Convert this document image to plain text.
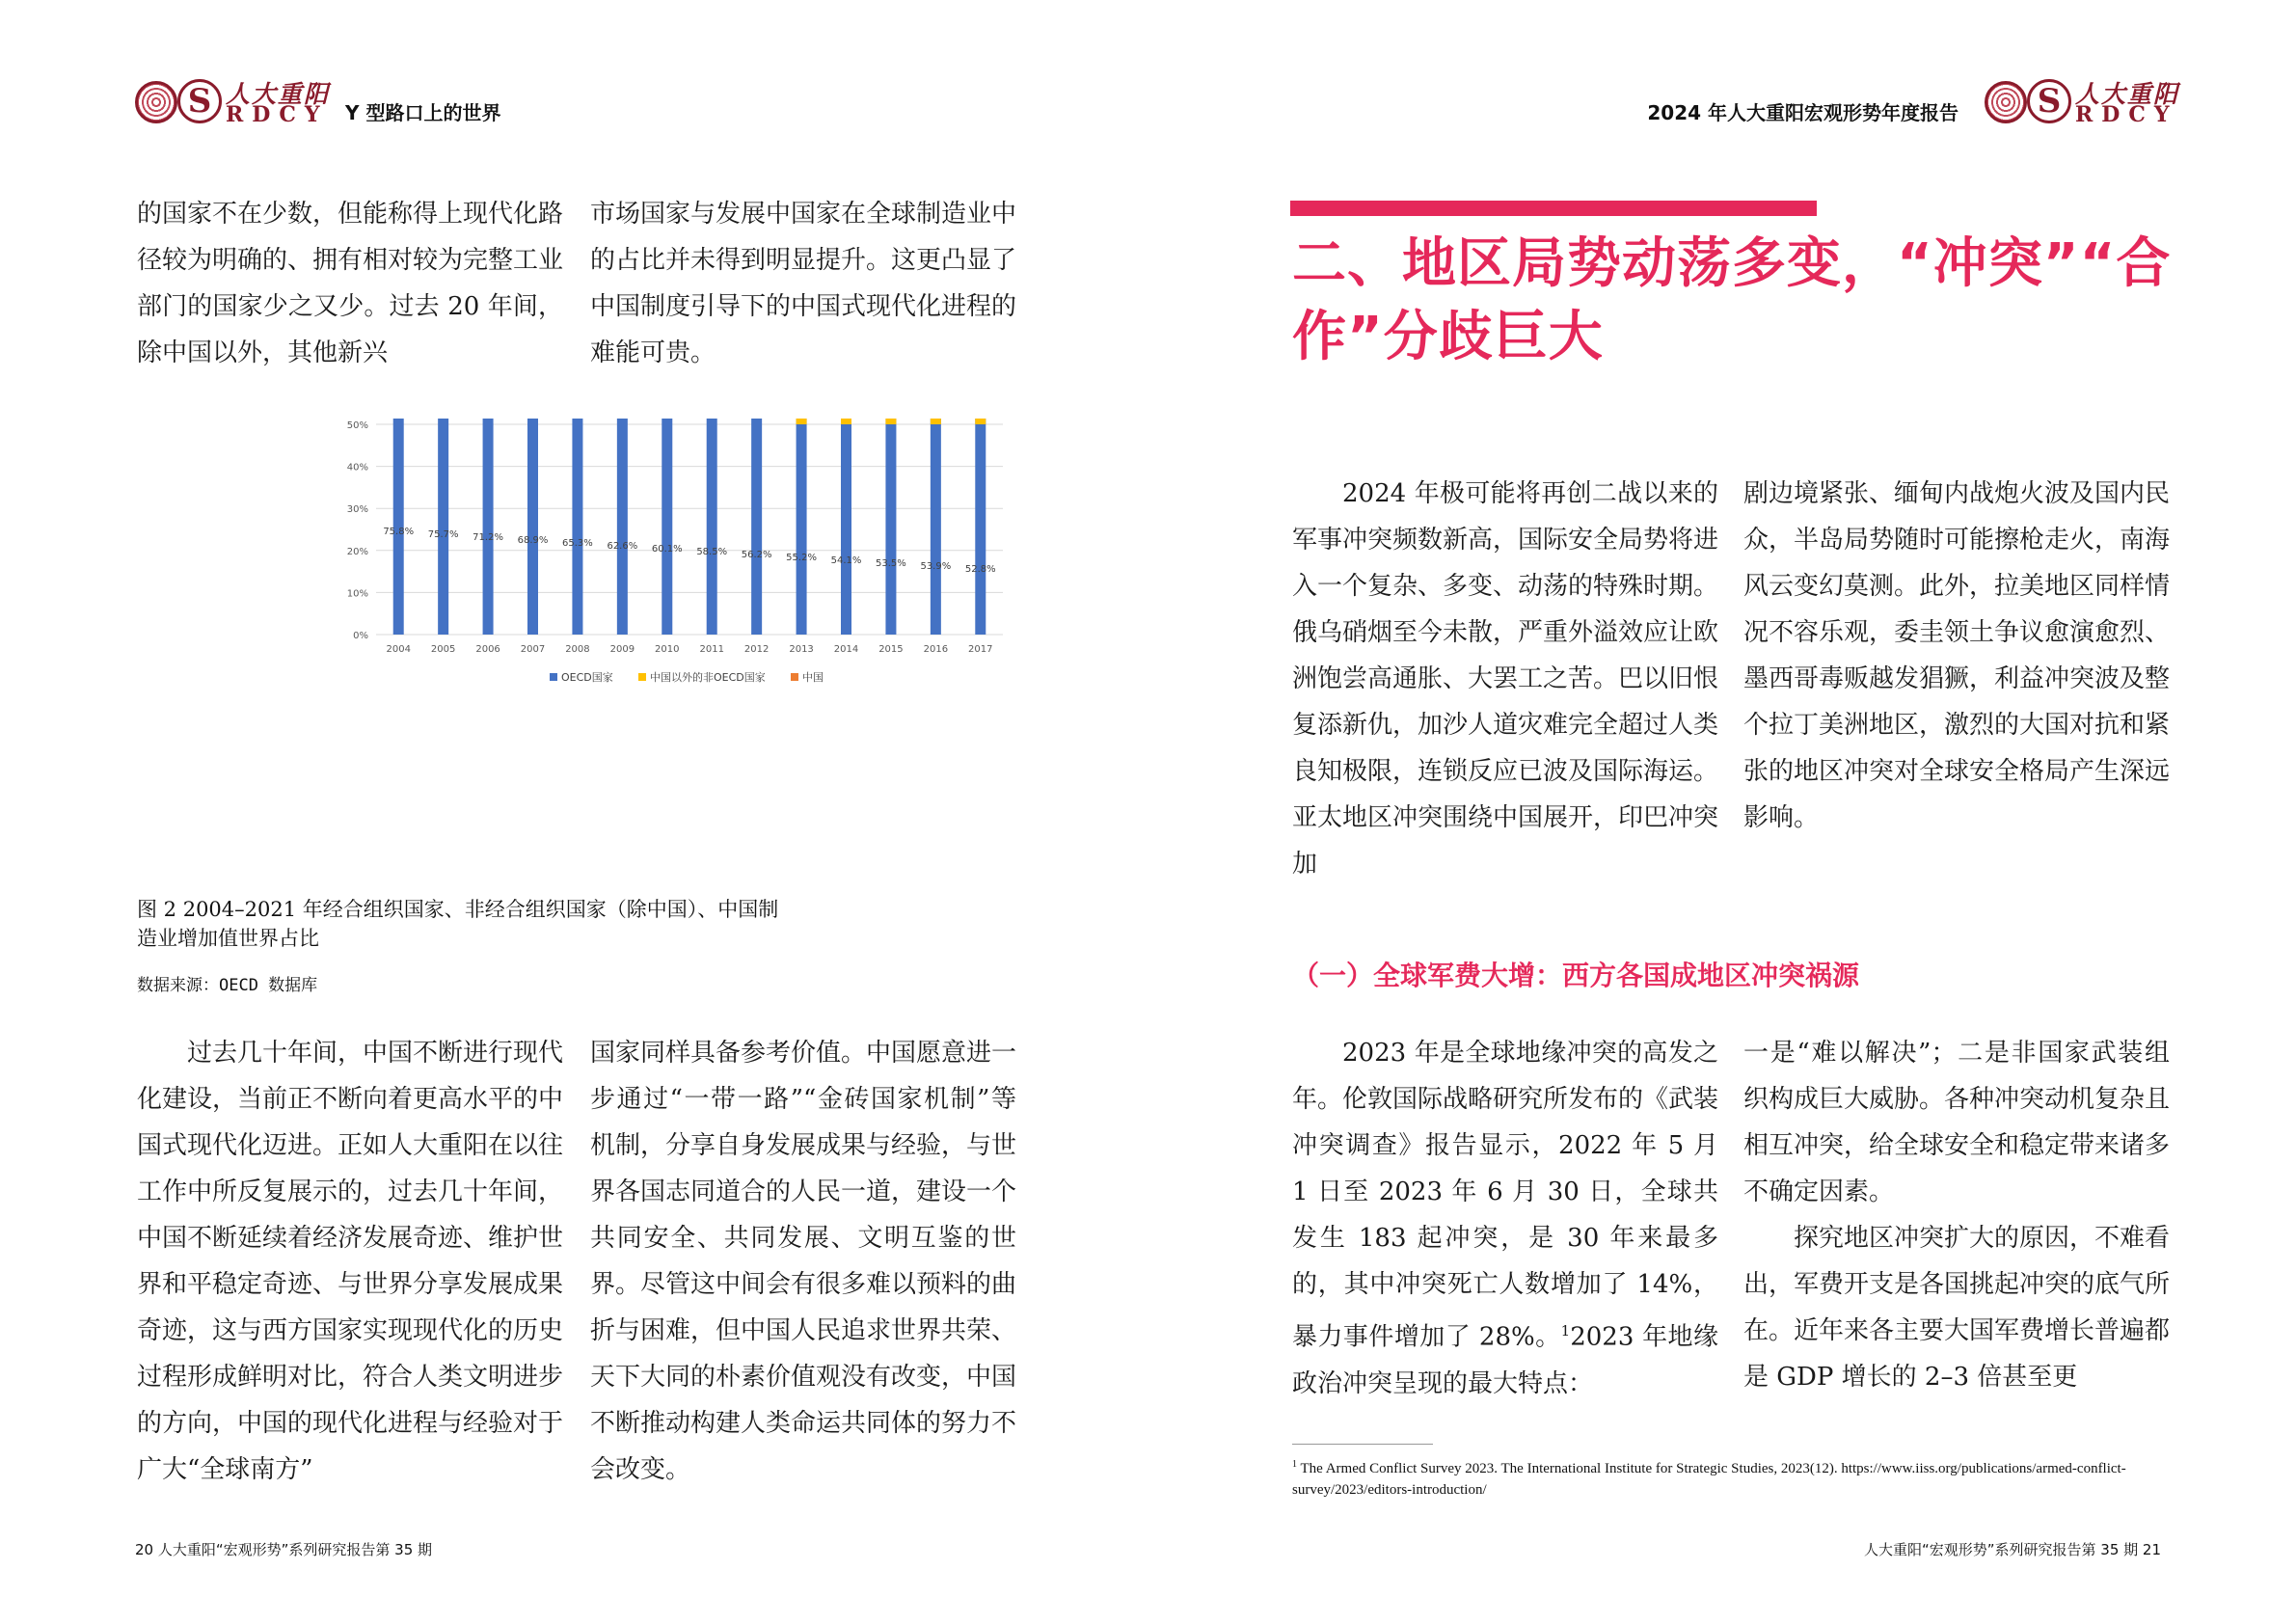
S 人大重阳
RDCY Y 型路口上的世界	2024 年人大重阳宏观形势年度报告	S 人大重阳
RDCY

的国家不在少数，但能称得上现代化路径较为明确的、拥有相对较为完整工业部门的国家少之又少。过去 20 年间，除中国以外，其他新兴

市场国家与发展中国家在全球制造业中的占比并未得到明显提升。这更凸显了中国制度引导下的中国式现代化进程的难能可贵。

0%
10%
20%
30%
40%
50%
75.8% 75.7% 71.2% 68.9% 65.3% 62.6% 60.1% 58.5% 56.2% 55.2% 54.1% 53.5% 53.9% 52.8%
2004 2005 2006 2007 2008 2009 2010 2011 2012 2013 2014 2015 2016 2017
OECD国家	中国以外的非OECD国家	中国
图 2 2004–2021 年经合组织国家、非经合组织国家（除中国）、中国制造业增加值世界占比
数据来源：OECD 数据库

过去几十年间，中国不断进行现代化建设，当前正不断向着更高水平的中国式现代化迈进。正如人大重阳在以往工作中所反复展示的，过去几十年间，中国不断延续着经济发展奇迹、维护世界和平稳定奇迹、与世界分享发展成果奇迹，这与西方国家实现现代化的历史过程形成鲜明对比，符合人类文明进步的方向，中国的现代化进程与经验对于广大“全球南方”

国家同样具备参考价值。中国愿意进一步通过“一带一路”“金砖国家机制”等机制，分享自身发展成果与经验，与世界各国志同道合的人民一道，建设一个共同安全、共同发展、文明互鉴的世界。尽管这中间会有很多难以预料的曲折与困难，但中国人民追求世界共荣、天下大同的朴素价值观没有改变，中国不断推动构建人类命运共同体的努力不会改变。

20 人大重阳“宏观形势”系列研究报告第 35 期
二、地区局势动荡多变，“冲突”“合作”分歧巨大

2024 年极可能将再创二战以来的军事冲突频数新高，国际安全局势将进入一个复杂、多变、动荡的特殊时期。俄乌硝烟至今未散，严重外溢效应让欧洲饱尝高通胀、大罢工之苦。巴以旧恨复添新仇，加沙人道灾难完全超过人类良知极限，连锁反应已波及国际海运。亚太地区冲突围绕中国展开，印巴冲突加

剧边境紧张、缅甸内战炮火波及国内民众，半岛局势随时可能擦枪走火，南海风云变幻莫测。此外，拉美地区同样情况不容乐观，委圭领土争议愈演愈烈、墨西哥毒贩越发猖獗，利益冲突波及整个拉丁美洲地区，激烈的大国对抗和紧张的地区冲突对全球安全格局产生深远影响。

（一）全球军费大增：西方各国成地区冲突祸源

2023 年是全球地缘冲突的高发之年。伦敦国际战略研究所发布的《武装冲突调查》报告显示，2022 年 5 月 1 日至 2023 年 6 月 30 日，全球共发生 183 起冲突，是 30 年来最多的，其中冲突死亡人数增加了 14%，暴力事件增加了 28%。$^1$2023 年地缘政治冲突呈现的最大特点：

一是“难以解决”；二是非国家武装组织构成巨大威胁。各种冲突动机复杂且相互冲突，给全球安全和稳定带来诸多不确定因素。

探究地区冲突扩大的原因，不难看出，军费开支是各国挑起冲突的底气所在。近年来各主要大国军费增长普遍都是 GDP 增长的 2–3 倍甚至更

$^1$ The Armed Conflict Survey 2023. The International Institute for Strategic Studies, 2023(12). https://www.iiss.org/publications/armed-conflict-survey/2023/editors-introduction/
人大重阳“宏观形势”系列研究报告第 35 期 21
